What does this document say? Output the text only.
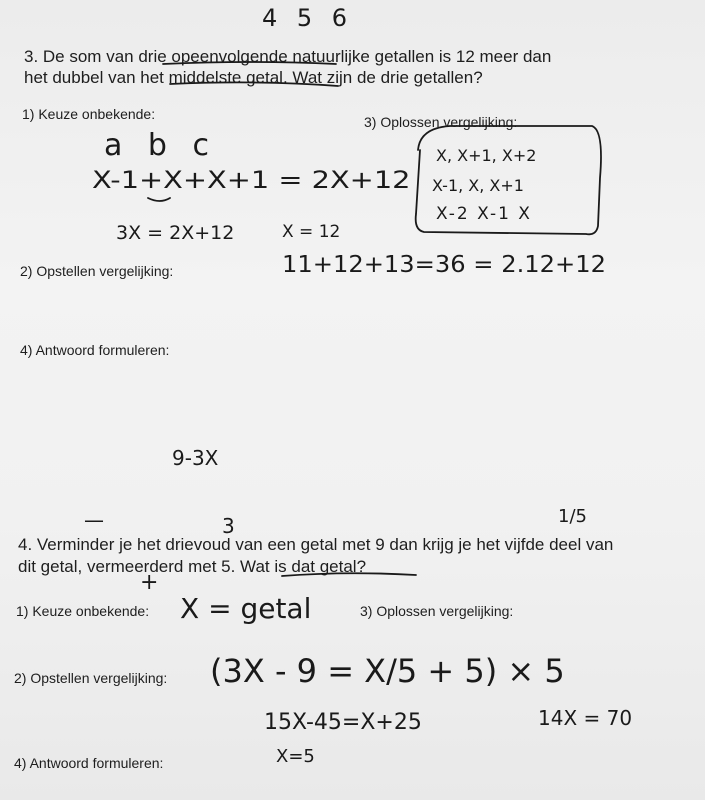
3. De som van drie opeenvolgende natuurlijke getallen is 12 meer dan
het dubbel van het middelste getal. Wat zijn de drie getallen?
1) Keuze onbekende:	3) Oplossen vergelijking:
2) Opstellen vergelijking:
4) Antwoord formuleren:
4 5 6
a b c
X-1+X+X+1 = 2X+12
3X = 2X+12	X = 12
X, X+1, X+2
X-1, X, X+1
X-2 X-1 X
11+12+13=36 = 2.12+12
9-3X
4. Verminder je het drievoud van een getal met 9 dan krijg je het vijfde deel van
dit getal, vermeerderd met 5. Wat is dat getal?
1) Keuze onbekende:	3) Oplossen vergelijking:
2) Opstellen vergelijking:
4) Antwoord formuleren:
—	3
+
1/5
X = getal
(3X - 9 = X/5 + 5) × 5
15X-45=X+25	14X = 70
X=5
